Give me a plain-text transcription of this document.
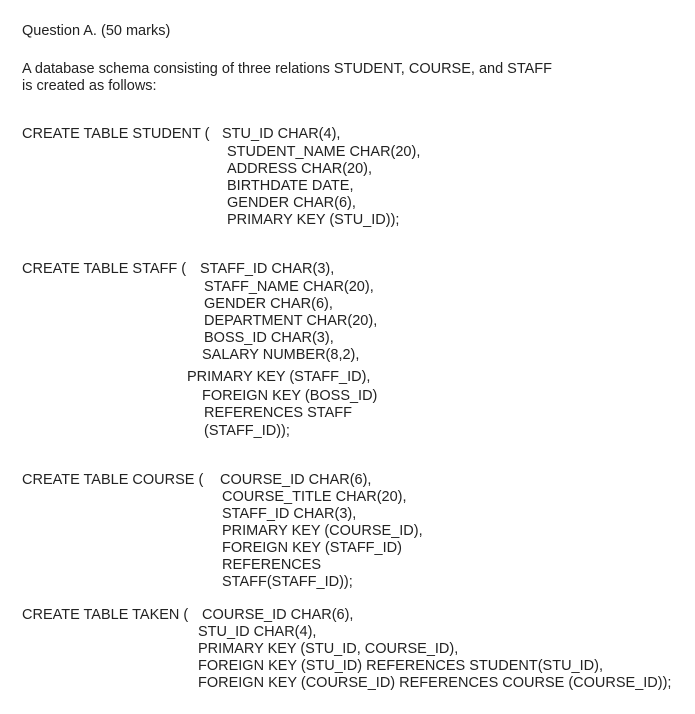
Question A. (50 marks)
A database schema consisting of three relations STUDENT, COURSE, and STAFF
is created as follows:
CREATE TABLE STUDENT ( STU_ID CHAR(4),
STUDENT_NAME CHAR(20),
ADDRESS CHAR(20),
BIRTHDATE DATE,
GENDER CHAR(6),
PRIMARY KEY (STU_ID));
CREATE TABLE STAFF ( STAFF_ID CHAR(3),
STAFF_NAME CHAR(20),
GENDER CHAR(6),
DEPARTMENT CHAR(20),
BOSS_ID CHAR(3),
SALARY NUMBER(8,2),
PRIMARY KEY (STAFF_ID),
FOREIGN KEY (BOSS_ID)
REFERENCES STAFF
(STAFF_ID));
CREATE TABLE COURSE ( COURSE_ID CHAR(6),
COURSE_TITLE CHAR(20),
STAFF_ID CHAR(3),
PRIMARY KEY (COURSE_ID),
FOREIGN KEY (STAFF_ID)
REFERENCES
STAFF(STAFF_ID));
CREATE TABLE TAKEN ( COURSE_ID CHAR(6),
STU_ID CHAR(4),
PRIMARY KEY (STU_ID, COURSE_ID),
FOREIGN KEY (STU_ID) REFERENCES STUDENT(STU_ID),
FOREIGN KEY (COURSE_ID) REFERENCES COURSE (COURSE_ID));
